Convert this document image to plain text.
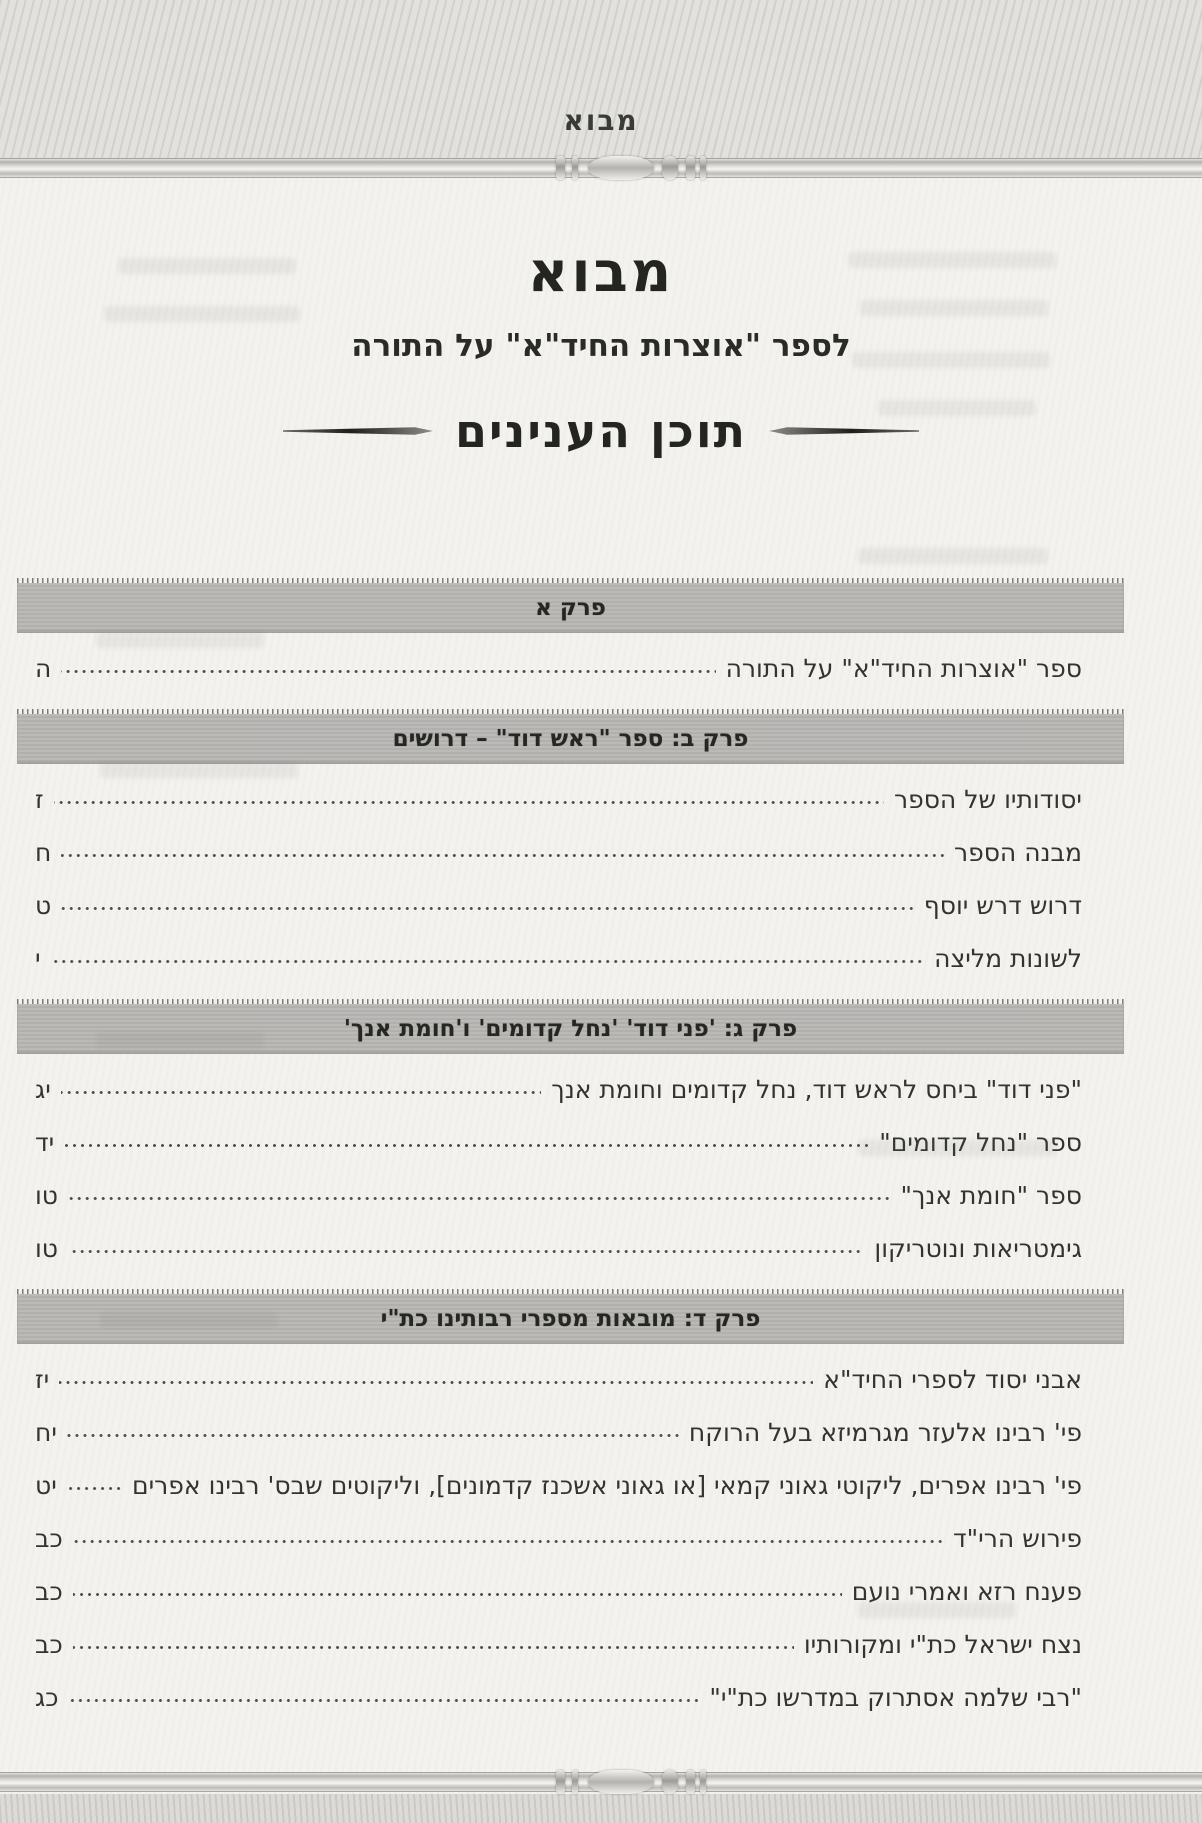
מבוא
מבוא
לספר "אוצרות החיד"א" על התורה
תוכן הענינים
פרק א
ספר "אוצרות החיד"א" על התורה
ה
פרק ב: ספר "ראש דוד" – דרושים
יסודותיו של הספר
ז
מבנה הספר
ח
דרוש דרש יוסף
ט
לשונות מליצה
י
פרק ג: 'פני דוד' 'נחל קדומים' ו'חומת אנך'
"פני דוד" ביחס לראש דוד, נחל קדומים וחומת אנך
יג
ספר "נחל קדומים"
יד
ספר "חומת אנך"
טו
גימטריאות ונוטריקון
טו
פרק ד: מובאות מספרי רבותינו כת"י
אבני יסוד לספרי החיד"א
יז
פי' רבינו אלעזר מגרמיזא בעל הרוקח
יח
פי' רבינו אפרים, ליקוטי גאוני קמאי [או גאוני אשכנז קדמונים], וליקוטים שבס' רבינו אפרים
יט
פירוש הרי"ד
כב
פענח רזא ואמרי נועם
כב
נצח ישראל כת"י ומקורותיו
כב
"רבי שלמה אסתרוק במדרשו כת"י"
כג
